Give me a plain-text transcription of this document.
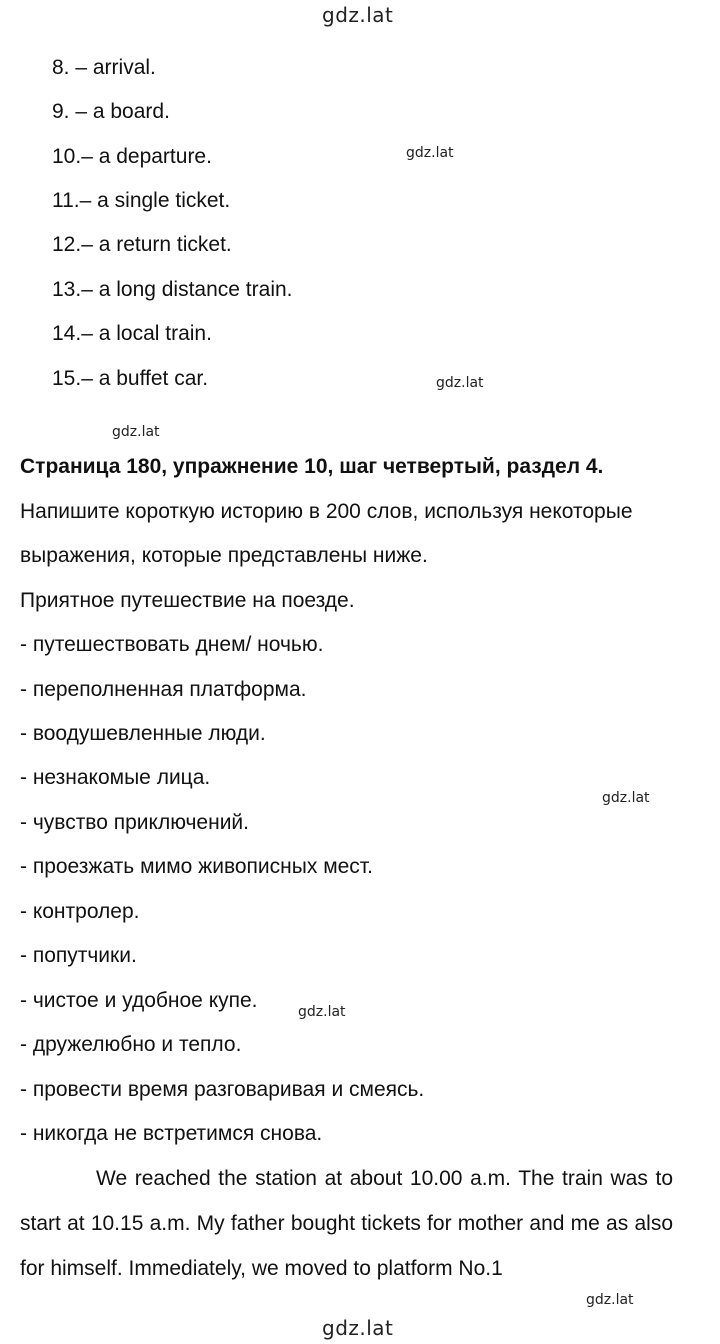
gdz.lat
gdz.lat
gdz.lat
gdz.lat
gdz.lat
gdz.lat
gdz.lat
gdz.lat
8. – arrival.
9. – a board.
10.– a departure.
11.– a single ticket.
12.– a return ticket.
13.– a long distance train.
14.– a local train.
15.– a buffet car.
Страница 180, упражнение 10, шаг четвертый, раздел 4.
Напишите короткую историю в 200 слов, используя некоторые
выражения, которые представлены ниже.
Приятное путешествие на поезде.
- путешествовать днем/ ночью.
- переполненная платформа.
- воодушевленные люди.
- незнакомые лица.
- чувство приключений.
- проезжать мимо живописных мест.
- контролер.
- попутчики.
- чистое и удобное купе.
- дружелюбно и тепло.
- провести время разговаривая и смеясь.
- никогда не встретимся снова.

We reached the station at about 10.00 a.m. The train was to start at 10.15 a.m. My father bought tickets for mother and me as also for himself. Immediately, we moved to platform No.1
